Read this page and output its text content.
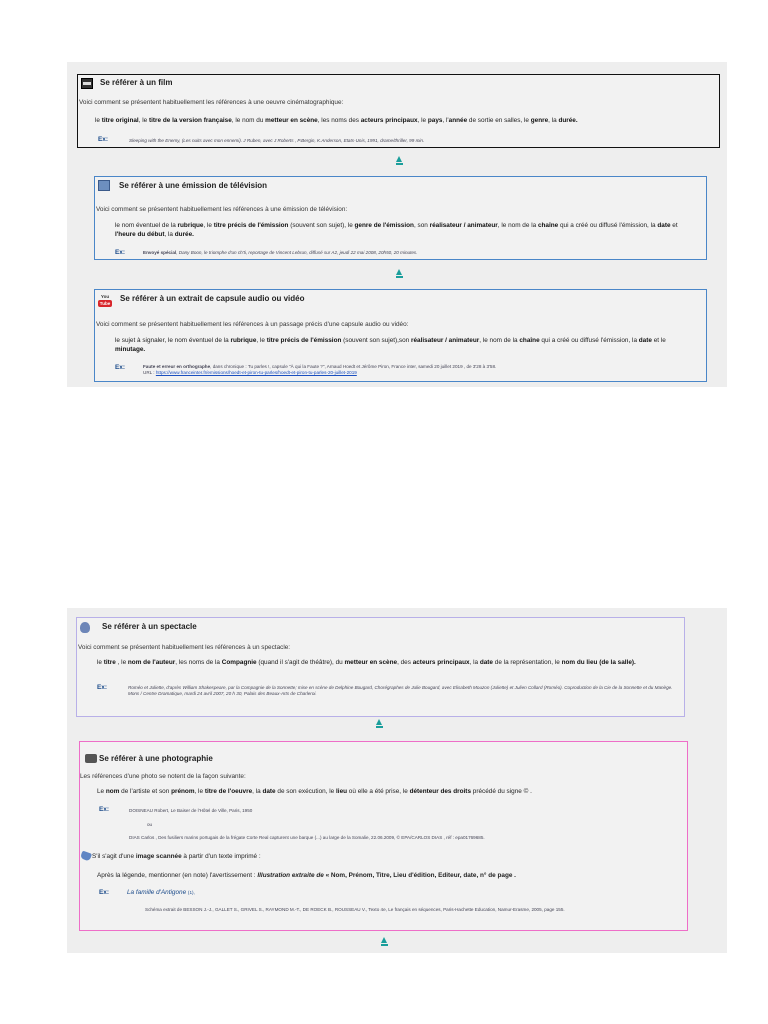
Se référer à un film
Voici comment se présentent habituellement les références à une oeuvre cinématographique:
le titre original, le titre de la version française, le nom du metteur en scène, les noms des acteurs principaux, le pays, l'année de sortie en salles, le genre, la durée.
Ex:	Sleeping with the Enemy, (Les nuits avec mon ennemi). J Ruben, avec J Roberts , P.Bergin, K.Anderson, Etats-Unis, 1991, drame/thriller, 99 min.
Se référer à une émission de télévision
Voici comment se présentent habituellement les références à une émission de télévision:
le nom éventuel de la rubrique, le titre précis de l'émission (souvent son sujet), le genre de l'émission, son réalisateur / animateur, le nom de la chaîne qui a créé ou diffusé l'émission, la date et l'heure du début, la durée.
Ex:	Envoyé spécial, Dany Boon, le triomphe d'un ch'ti, reportage de Vincent Lebrun, diffusé sur A2, jeudi 22 mai 2008, 20h50, 20 minutes.
You
Tube
Se référer à un extrait de capsule audio ou vidéo
Voici comment se présentent habituellement les références à un passage précis d'une capsule audio ou vidéo:
le sujet à signaler, le nom éventuel de la rubrique, le titre précis de l'émission (souvent son sujet),son réalisateur / animateur, le nom de la chaîne qui a créé ou diffusé l'émission, la date et le minutage.
Ex:	Faute et erreur en orthographe, dans chronique : Tu parles !, capsule "À qui la Faute ?", Arnaud Hoedt et Jérôme Piron, France inter, samedi 20 juillet 2019 , de 3'28 à 3'58.
URL : https://www.franceinter.fr/emissions/hoedt-et-piron-tu-parles/hoedt-et-piron-tu-parles-20-juillet-2019
Se référer à un spectacle
Voici comment se présentent habituellement les références à un spectacle:
le titre , le nom de l'auteur, les noms de la Compagnie (quand il s'agit de théâtre), du metteur en scène, des acteurs principaux, la date de la représentation, le nom du lieu (de la salle).
Ex:	Roméo et Juliette, d'après William Shakespeare, par la Compagnie de la Sonnette; mise en scène de Delphine Bougard, Chorégraphes de Julie Bougard, avec Elisabeth Mouzon (Juliette) et Julien Collard (Roméo). Coproduction de la Cie de la Sonnette et du Manège. Mons / Centre Dramatique, mardi 24 avril 2007, 20 h 30, Palais des Beaux-Arts de Charleroi.
Se référer à une photographie
Les références d'une photo se notent de la façon suivante:
Le nom de l'artiste et son prénom, le titre de l'oeuvre, la date de son exécution, le lieu où elle a été prise, le détenteur des droits précédé du signe © .
Ex:	DOISNEAU Robert, Le Baiser de l'Hôtel de Ville, Paris, 1950
ou
DIAS Carlos , Des fusiliers marins portugais de la frégate Corte Real capturent une barque (...) au large de la Somalie, 22.06.2009, © EPA/CARLOS DIAS , réf : epa01769685.
S'il s'agit d'une image scannée à partir d'un texte imprimé :
Après la légende, mentionner (en note) l'avertissement : Illustration extraite de « Nom, Prénom, Titre, Lieu d'édition, Editeur, date, n° de page .
Ex:	La famille d'Antigone (1),
Schéma extrait de BESSON J.-J., GALLET S., GRIVEL S., RAYMOND M.-T., DE ROECK B., ROUSSEAU V., Texto 4e, Le français en séquences, Paris-Hachette Education, Namur-Erasme, 2005, page 155.
